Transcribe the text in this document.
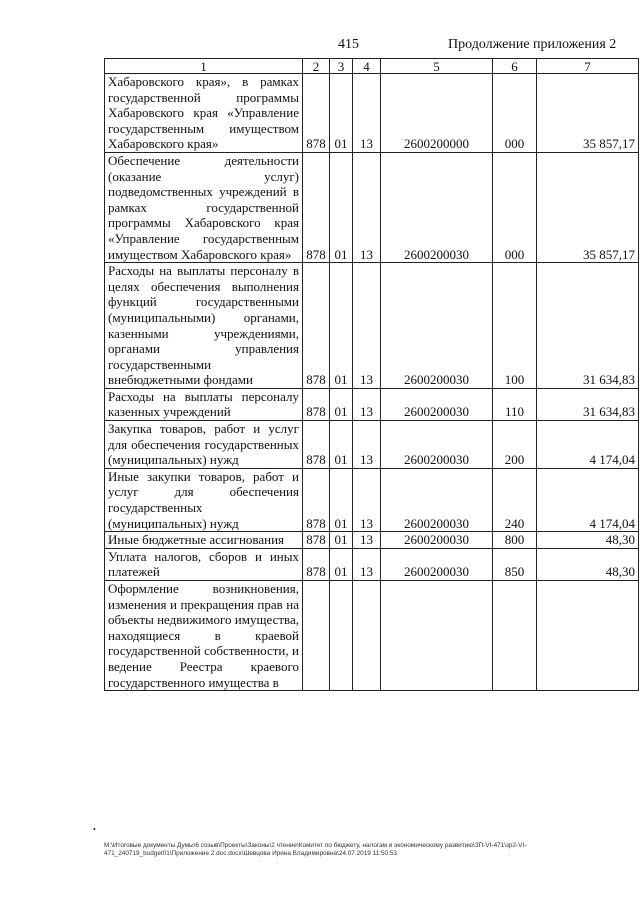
415	Продолжение приложения 2
1	2	3	4	5	6	7
Хабаровского края», в рамках государственной программы Хабаровского края «Управление государственным имуществом Хабаровского края»	878	01	13	2600200000	000	35 857,17
Обеспечение деятельности (оказание услуг) подведомственных учреждений в рамках государственной программы Хабаровского края «Управление государственным имуществом Хабаровского края»	878	01	13	2600200030	000	35 857,17
Расходы на выплаты персоналу в целях обеспечения выполнения функций государственными (муниципальными) органами, казенными учреждениями, органами управления государственными внебюджетными фондами	878	01	13	2600200030	100	31 634,83
Расходы на выплаты персоналу казенных учреждений	878	01	13	2600200030	110	31 634,83
Закупка товаров, работ и услуг для обеспечения государственных (муниципальных) нужд	878	01	13	2600200030	200	4 174,04
Иные закупки товаров, работ и услуг для обеспечения государственных (муниципальных) нужд	878	01	13	2600200030	240	4 174,04
Иные бюджетные ассигнования	878	01	13	2600200030	800	48,30
Уплата налогов, сборов и иных платежей	878	01	13	2600200030	850	48,30
Оформление возникновения, изменения и прекращения прав на объекты недвижимого имущества, находящиеся в краевой государственной собственности, и ведение Реестра краевого государственного имущества в						
•
M:\Итоговые документы Думы\6 созыв\Проекты\Законы\2 чтение\Комитет по бюджету, налогам и экономическому развитию\ЗП-VI-471\зр2-VI-
471_240719_budget01\Приложение 2.doc.docx\Шевцова Ирина Владимировна\24.07.2019 11:50:53
